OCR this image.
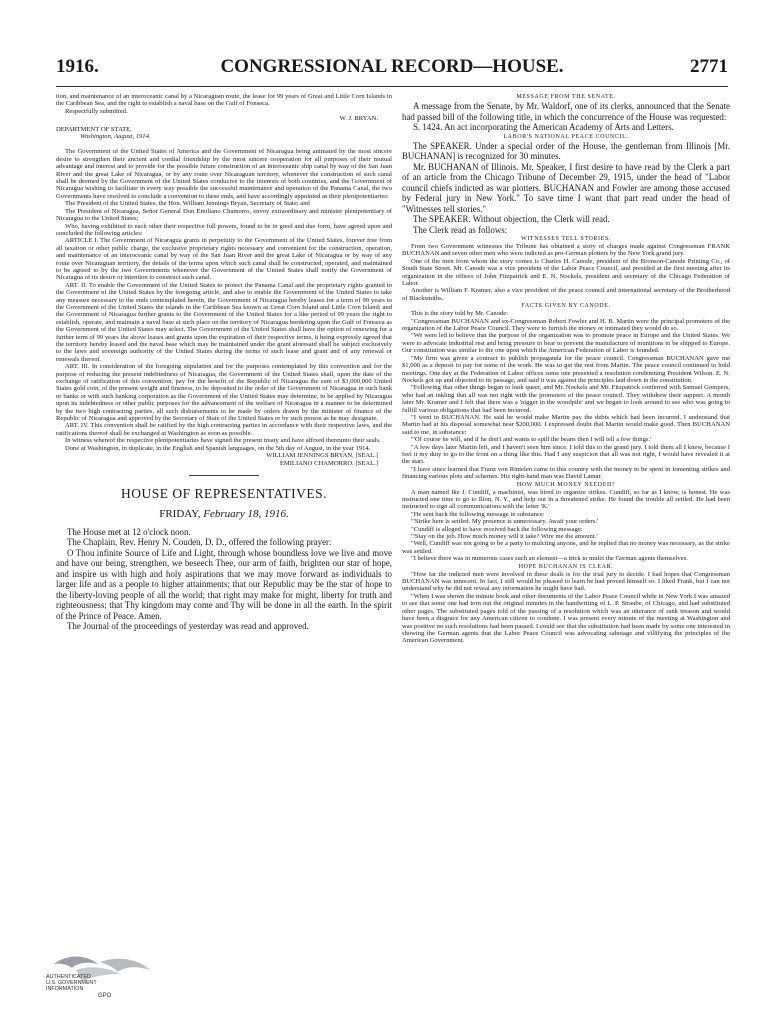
1916.	CONGRESSIONAL RECORD—HOUSE.	2771

tion, and maintenance of an interoceanic canal by a Nicaraguan route, the lease for 99 years of Great and Little Corn Islands in the Caribbean Sea, and the right to establish a naval base on the Gulf of Fonseca.

Respectfully submitted.

W. J. BRYAN.

DEPARTMENT OF STATE,

Washington, August, 1914.

The Government of the United States of America and the Government of Nicaragua being animated by the most sincere desire to strengthen their ancient and cordial friendship by the most sincere cooperation for all purposes of their mutual advantage and interest and to provide for the possible future construction of an interoceanic ship canal by way of the San Juan River and the great Lake of Nicaragua, or by any route over Nicaraguan territory, whenever the construction of such canal shall be deemed by the Government of the United States conducive to the interests of both countries, and the Government of Nicaragua wishing to facilitate in every way possible the successful maintenance and operation of the Panama Canal, the two Governments have resolved to conclude a convention to these ends, and have accordingly appointed as their plenipotentiaries:

The President of the United States, the Hon. William Jennings Bryan, Secretary of State; and

The President of Nicaragua, Señor General Don Emiliano Chamorro, envoy extraordinary and minister plenipotentiary of Nicaragua to the United States;

Who, having exhibited to each other their respective full powers, found to be in good and due form, have agreed upon and concluded the following articles:

ARTICLE I. The Government of Nicaragua grants in perpetuity to the Government of the United States, forever free from all taxation or other public charge, the exclusive proprietary rights necessary and convenient for the construction, operation, and maintenance of an interoceanic canal by way of the San Juan River and the great Lake of Nicaragua or by way of any route over Nicaraguan territory, the details of the terms upon which such canal shall be constructed, operated, and maintained to be agreed to by the two Governments whenever the Government of the United States shall notify the Government of Nicaragua of its desire or intention to construct such canal.

ART. II. To enable the Government of the United States to protect the Panama Canal and the proprietary rights granted to the Government of the United States by the foregoing article, and also to enable the Government of the United States to take any measure necessary to the ends contemplated herein, the Government of Nicaragua hereby leases for a term of 99 years to the Government of the United States the islands in the Caribbean Sea known as Great Corn Island and Little Corn Island; and the Government of Nicaragua further grants to the Government of the United States for a like period of 99 years the right to establish, operate, and maintain a naval base at such place on the territory of Nicaragua bordering upon the Gulf of Fonseca as the Government of the United States may select. The Government of the United States shall have the option of renewing for a further term of 99 years the above leases and grants upon the expiration of their respective terms, it being expressly agreed that the territory hereby leased and the naval base which may be maintained under the grant aforesaid shall be subject exclusively to the laws and sovereign authority of the United States during the terms of such lease and grant and of any renewal or renewals thereof.

ART. III. In consideration of the foregoing stipulation and for the purposes contemplated by this convention and for the purpose of reducing the present indebtedness of Nicaragua, the Government of the United States shall, upon the date of the exchange of ratification of this convention, pay for the benefit of the Republic of Nicaragua the sum of $3,000,000 United States gold coin, of the present weight and fineness, to be deposited to the order of the Government of Nicaragua in such bank or banks or with such banking corporation as the Government of the United States may determine, to be applied by Nicaragua upon its indebtedness or other public purposes for the advancement of the welfare of Nicaragua in a manner to be determined by the two high contracting parties, all such disbursements to be made by orders drawn by the minister of finance of the Republic of Nicaragua and approved by the Secretary of State of the United States or by such person as he may designate.

ART. IV. This convention shall be ratified by the high contracting parties in accordance with their respective laws, and the ratifications thereof shall be exchanged at Washington as soon as possible.

In witness whereof the respective plenipotentiaries have signed the present treaty and have affixed thereunto their seals.

Done at Washington, in duplicate, in the English and Spanish languages, on the 5th day of August, in the year 1914.

WILLIAM JENNINGS BRYAN, [SEAL.]
EMILIANO CHAMORRO. [SEAL.]
HOUSE OF REPRESENTATIVES.
FRIDAY, February 18, 1916.

The House met at 12 o'clock noon.

The Chaplain, Rev. Henry N. Couden, D. D., offered the following prayer:

O Thou infinite Source of Life and Light, through whose boundless love we live and move and have our being, strengthen, we beseech Thee, our arm of faith, brighten our star of hope, and inspire us with high and holy aspirations that we may move forward as individuals to larger life and as a people to higher attainments; that our Republic may be the star of hope to the liberty-loving people of all the world; that right may make for might, liberty for truth and righteousness; that Thy kingdom may come and Thy will be done in all the earth. In the spirit of the Prince of Peace. Amen.

The Journal of the proceedings of yesterday was read and approved.

MESSAGE FROM THE SENATE.

A message from the Senate, by Mr. Waldorf, one of its clerks, announced that the Senate had passed bill of the following title, in which the concurrence of the House was requested:

S. 1424. An act incorporating the American Academy of Arts and Letters.

LABOR'S NATIONAL PEACE COUNCIL.

The SPEAKER. Under a special order of the House, the gentleman from Illinois [Mr. BUCHANAN] is recognized for 30 minutes.

Mr. BUCHANAN of Illinois. Mr. Speaker, I first desire to have read by the Clerk a part of an article from the Chicago Tribune of December 29, 1915, under the head of "Labor council chiefs indicted as war plotters. BUCHANAN and Fowler are among those accused by Federal jury in New York." To save time I want that part read under the head of "Witnesses tell stories."

The SPEAKER. Without objection, the Clerk will read.

The Clerk read as follows:

WITNESSES TELL STORIES.

From two Government witnesses the Tribune has obtained a story of charges made against Congressman FRANK BUCHANAN and seven other men who were indicted as pro-German plotters by the New York grand jury.

One of the men from whom the story comes is Charles H. Canode, president of the Bronson-Canode Printing Co., of South State Street. Mr. Canode was a vice president of the Labor Peace Council, and presided at the first meeting after its organization in the offices of John Fitzpatrick and E. N. Nockels, president and secretary of the Chicago Federation of Labor.

Another is William F. Kramer, also a vice president of the peace council and international secretary of the Brotherhood of Blacksmiths.

FACTS GIVEN BY CANODE.

This is the story told by Mr. Canode:

"Congressman BUCHANAN and ex-Congressman Robert Fowler and H. B. Martin were the principal promoters of the organization of the Labor Peace Council. They were to furnish the money or intimated they would do so.

"We were led to believe that the purpose of the organization was to promote peace in Europe and the United States. We were to advocate industrial rest and bring pressure to bear to prevent the manufacture of munitions to be shipped to Europe. Our constitution was similar to the one upon which the American Federation of Labor is founded.

"My firm was given a contract to publish propaganda for the peace council. Congressman BUCHANAN gave me $1,000 as a deposit to pay for some of the work. He was to get the rest from Martin. The peace council continued to hold meetings. One day at the Federation of Labor offices some one presented a resolution condemning President Wilson. E. N. Nockels got up and objected to its passage, and said it was against the principles laid down in the constitution.

"Following that other things began to look queer, and Mr. Nockels and Mr. Fitzpatrick conferred with Samuel Gompers, who had an inkling that all was not right with the promoters of the peace council. They withdrew their support. A month later Mr. Kramer and I felt that there was a 'nigger in the woodpile' and we began to look around to see who was going to fulfill various obligations that had been incurred.

"I went to BUCHANAN. He said he would make Martin pay the debts which had been incurred. I understand that Martin had at his disposal somewhat near $200,000. I expressed doubt that Martin would make good. Then BUCHANAN said to me, in substance:

"'Of course he will, and if he don't and wants to spill the beans then I will tell a few things.'

"A few days later Martin left, and I haven't seen him since. I told this to the grand jury. I told them all I knew, because I feel it my duty to go to the front on a thing like this. Had I any suspicion that all was not right, I would have revealed it at the start.

"I have since learned that Franz von Rintelen came to this country with the money to be spent in fomenting strikes and financing various plots and schemes. His right-hand man was David Lamar.

HOW MUCH MONEY NEEDED?

A man named Ike J. Cundiff, a machinist, was hired to organize strikes. Cundiff, so far as I know, is honest. He was instructed one time to go to Ilion, N. Y., and help out in a threatened strike. He found the trouble all settled. He had been instructed to sign all communications with the letter 'K.'

"He sent back the following message in substance:

"'Strike here is settled. My presence is unnecessary. Await your orders.'

"Cundiff is alleged to have received back the following message:

"'Stay on the job. How much money will it take? Wire me the amount.'

"Well, Cundiff was not going to be a party to mulcting anyone, and he replied that no money was necessary, as the strike was settled.

"I believe there was in numerous cases such an element—a trick to mulct the German agents themselves.

HOPE BUCHANAN IS CLEAR.

"How far the indicted men were involved in these deals is for the trial jury to decide. I had hopes that Congressman BUCHANAN was innocent. In fact, I still would be pleased to learn he had proved himself so. I liked Frank, but I can not understand why he did not reveal any information he might have had.

"When I was shown the minute book and other documents of the Labor Peace Council while in New York I was amazed to see that some one had torn out the original minutes in the handwriting of L. P. Straube, of Chicago, and had substituted other pages. The substituted pages told of the passing of a resolution which was an utterance of rank treason and would have been a disgrace for any American citizen to condone. I was present every minute of the meeting at Washington and was positive no such resolutions had been passed. I could see that the substitution had been made by some one interested in showing the German agents that the Labor Peace Council was advocating sabotage and villifying the principles of the American Government.

AUTHENTICATED
U.S. GOVERNMENT
INFORMATION
GPO
